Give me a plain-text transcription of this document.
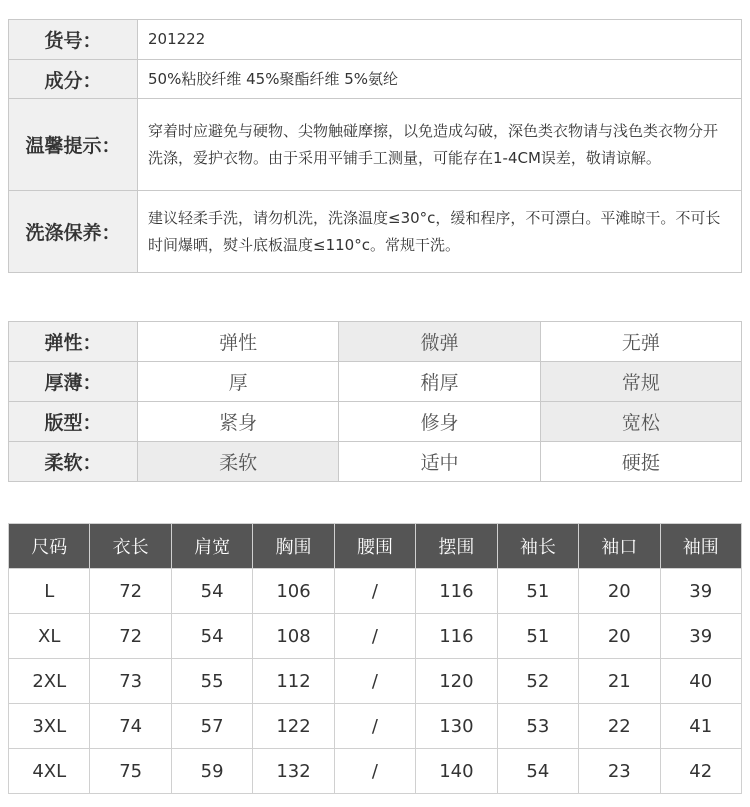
货号：	201222
成分：	50%粘胶纤维 45%聚酯纤维 5%氨纶
温馨提示：	穿着时应避免与硬物、尖物触碰摩擦，以免造成勾破，深色类衣物请与浅色类衣物分开洗涤，爱护衣物。由于采用平铺手工测量，可能存在1-4CM误差，敬请谅解。
洗涤保养：	建议轻柔手洗，请勿机洗，洗涤温度≤30°c，缓和程序，不可漂白。平滩晾干。不可长时间爆晒，熨斗底板温度≤110°c。常规干洗。
弹性：	弹性	微弹	无弹
厚薄：	厚	稍厚	常规
版型：	紧身	修身	宽松
柔软：	柔软	适中	硬挺
尺码	衣长	肩宽	胸围	腰围	摆围	袖长	袖口	袖围
L	72	54	106	/	116	51	20	39
XL	72	54	108	/	116	51	20	39
2XL	73	55	112	/	120	52	21	40
3XL	74	57	122	/	130	53	22	41
4XL	75	59	132	/	140	54	23	42
